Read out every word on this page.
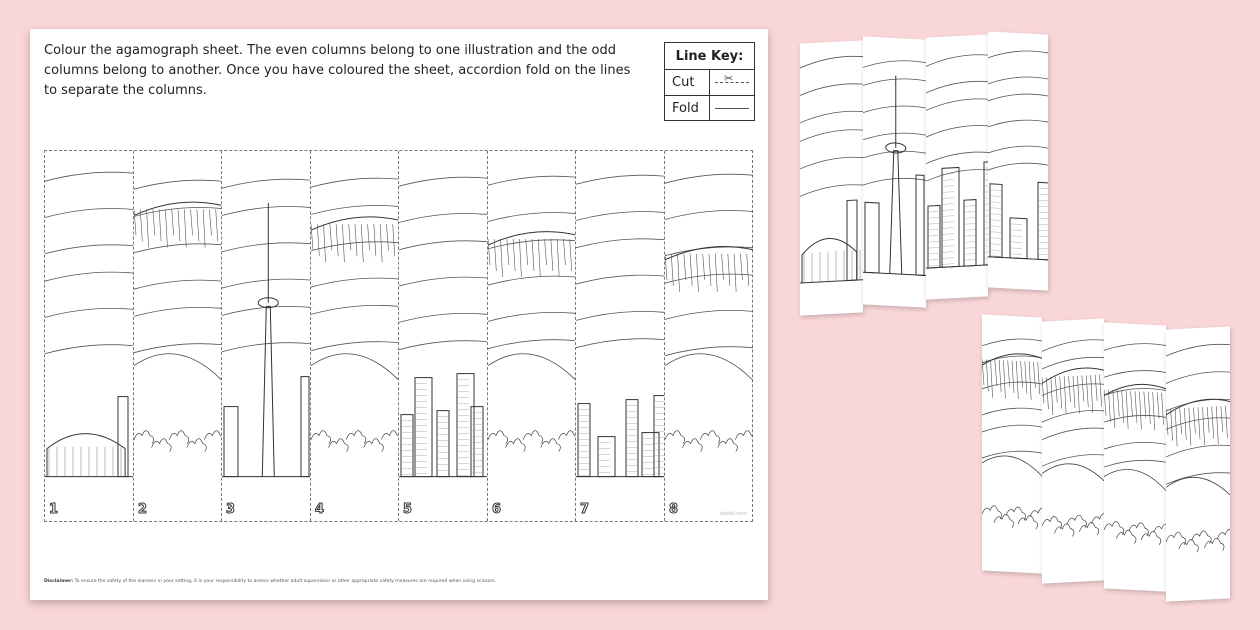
Colour the agamograph sheet. The even columns belong to one illustration and the odd columns belong to another. Once you have coloured the sheet, accordion fold on the lines to separate the columns.

Line Key:
Cut	✂
Fold
1	2	3	4	5	6	7	8	twinkl.com

Disclaimer: To ensure the safety of the learners in your setting, it is your responsibility to assess whether adult supervision or other appropriate safety measures are required when using scissors.
